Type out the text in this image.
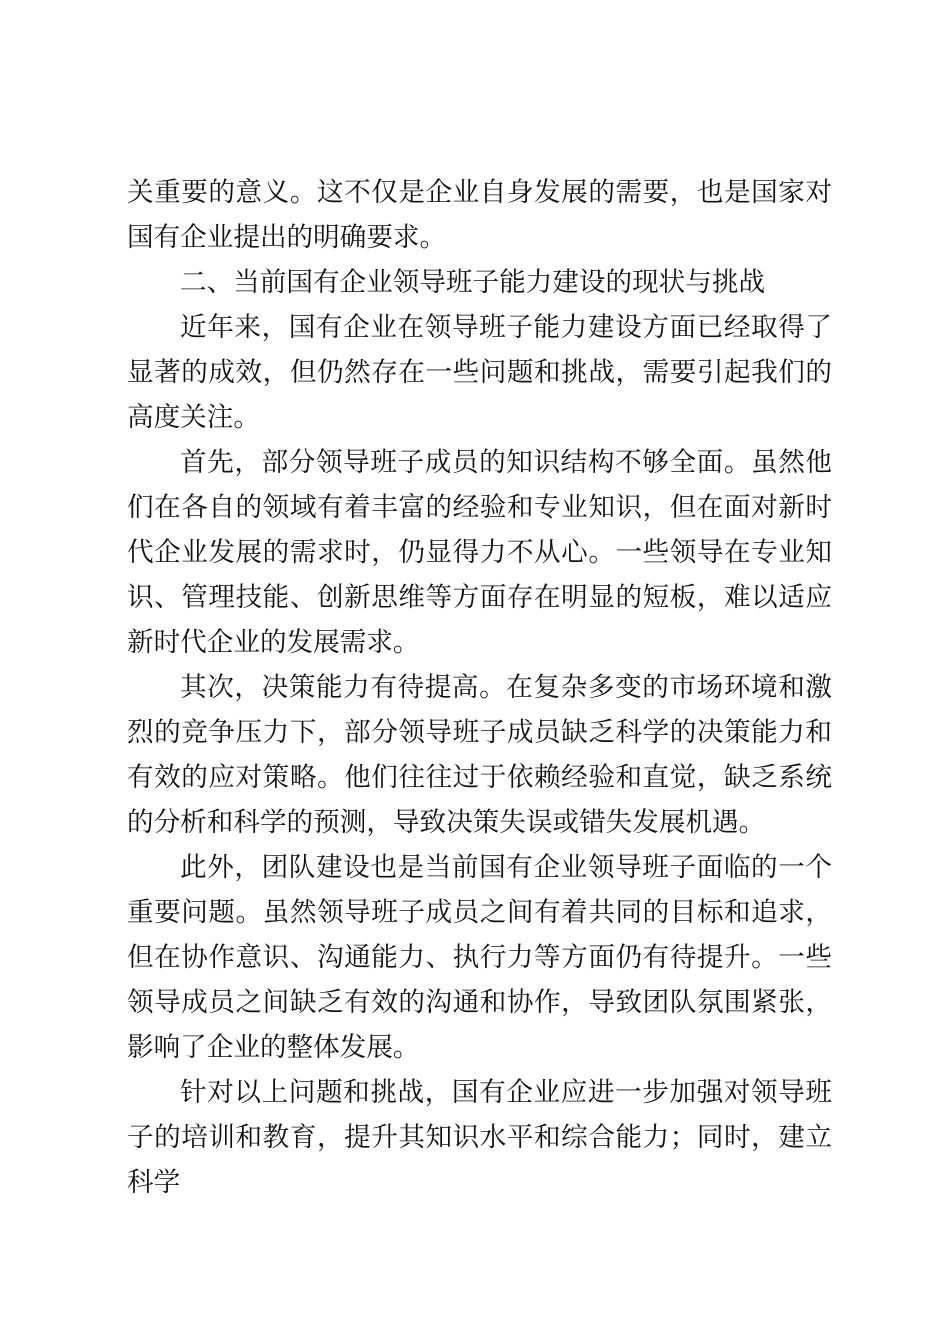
关重要的意义。这不仅是企业自身发展的需要，也是国家对国有企业提出的明确要求。

二、当前国有企业领导班子能力建设的现状与挑战

近年来，国有企业在领导班子能力建设方面已经取得了显著的成效，但仍然存在一些问题和挑战，需要引起我们的高度关注。

首先，部分领导班子成员的知识结构不够全面。虽然他们在各自的领域有着丰富的经验和专业知识，但在面对新时代企业发展的需求时，仍显得力不从心。一些领导在专业知识、管理技能、创新思维等方面存在明显的短板，难以适应新时代企业的发展需求。

其次，决策能力有待提高。在复杂多变的市场环境和激烈的竞争压力下，部分领导班子成员缺乏科学的决策能力和有效的应对策略。他们往往过于依赖经验和直觉，缺乏系统的分析和科学的预测，导致决策失误或错失发展机遇。

此外，团队建设也是当前国有企业领导班子面临的一个重要问题。虽然领导班子成员之间有着共同的目标和追求，但在协作意识、沟通能力、执行力等方面仍有待提升。一些领导成员之间缺乏有效的沟通和协作，导致团队氛围紧张，影响了企业的整体发展。

针对以上问题和挑战，国有企业应进一步加强对领导班子的培训和教育，提升其知识水平和综合能力；同时，建立科学
